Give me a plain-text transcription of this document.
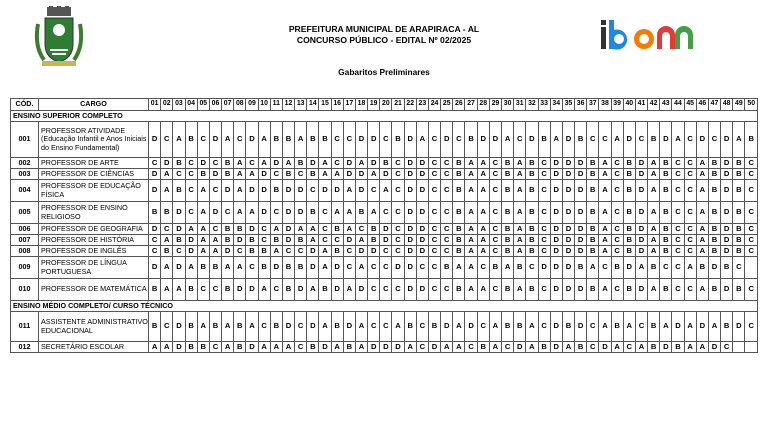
PREFEITURA MUNICIPAL DE ARAPIRACA - AL
CONCURSO PÚBLICO - EDITAL Nº 02/2025
Gabaritos Preliminares
CÓD.	CARGO	01	02	03	04	05	06	07	08	09	10	11	12	13	14	15	16	17	18	19	20	21	22	23	24	25	26	27	28	29	30	31	32	33	34	35	36	37	38	39	40	41	42	43	44	45	46	47	48	49	50
ENSINO SUPERIOR COMPLETO																																																			
001	PROFESSOR ATIVIDADE (Educação Infantil e Anos Iniciais do Ensino Fundamental)	D	C	A	B	C	D	A	C	D	A	B	B	A	B	B	C	C	D	D	C	B	D	A	C	D	C	B	D	D	A	C	D	B	A	D	B	C	C	A	D	C	B	D	A	C	D	C	D	A	B
002	PROFESSOR DE ARTE	C	D	B	C	D	C	B	A	C	A	D	A	B	D	A	C	D	A	D	B	C	D	D	C	C	B	A	A	C	B	A	B	C	D	D	D	B	A	C	B	D	A	B	C	C	A	B	D	B	C
003	PROFESSOR DE CIÊNCIAS	D	A	C	C	B	D	B	A	A	D	C	B	C	B	A	A	D	D	A	D	C	D	D	C	C	B	A	A	C	B	A	B	C	D	D	D	B	A	C	B	D	A	B	C	C	A	B	D	B	C
004	PROFESSOR DE EDUCAÇÃO FÍSICA	D	A	B	C	A	C	D	A	D	D	B	D	D	C	D	D	A	D	C	A	C	D	D	C	C	B	A	A	C	B	A	B	C	D	D	D	B	A	C	B	D	A	B	C	C	A	B	D	B	C
005	PROFESSOR DE ENSINO RELIGIOSO	B	B	D	C	A	D	C	A	A	D	C	D	D	B	C	A	A	B	A	C	C	D	D	C	C	B	A	A	C	B	A	B	C	D	D	D	B	A	C	B	D	A	B	C	C	A	B	D	B	C
006	PROFESSOR DE GEOGRAFIA	D	C	D	A	A	C	B	B	D	C	A	D	A	A	C	B	A	C	B	D	C	D	D	C	C	B	A	A	C	B	A	B	C	D	D	D	B	A	C	B	D	A	B	C	C	A	B	D	B	C
007	PROFESSOR DE HISTÓRIA	C	A	B	D	A	A	B	D	B	C	B	D	B	A	C	C	D	A	B	D	C	D	D	C	C	B	A	A	C	B	A	B	C	D	D	D	B	A	C	B	D	A	B	C	C	A	B	D	B	C
008	PROFESSOR DE INGLÊS	C	B	C	D	A	A	D	C	B	B	A	C	C	D	A	B	C	D	D	C	C	D	D	C	C	B	A	A	C	B	A	B	C	D	D	D	B	A	C	B	D	A	B	C	C	A	B	D	B	C
009	PROFESSOR DE LÍNGUA PORTUGUESA	D	A	D	A	B	B	A	A	C	B	D	B	B	D	A	D	C	A	C	C	D	D	C	C	B	A	A	C	B	A	B	C	D	D	D	B	A	C	B	D	A	B	C	C	A	B	D	B	C	
010	PROFESSOR DE MATEMÁTICA	B	A	A	B	C	C	B	D	D	A	C	B	D	A	B	D	A	D	C	C	C	D	D	C	C	B	A	A	C	B	A	B	C	D	D	D	B	A	C	B	D	A	B	C	C	A	B	D	B	C
ENSINO MÉDIO COMPLETO/ CURSO TÉCNICO																																																			
011	ASSISTENTE ADMINISTRATIVO EDUCACIONAL	B	C	D	B	A	B	A	B	A	C	B	D	C	D	A	B	D	A	C	C	A	B	C	B	D	A	D	C	A	B	B	A	C	D	B	D	C	A	B	A	C	B	A	D	A	D	A	B	D	C
012	SECRETÁRIO ESCOLAR	A	A	D	B	B	C	A	B	D	A	A	A	C	B	D	A	B	A	D	D	D	A	C	D	A	A	C	B	A	C	D	A	B	D	A	B	C	D	A	C	A	B	D	B	A	A	D	C		
